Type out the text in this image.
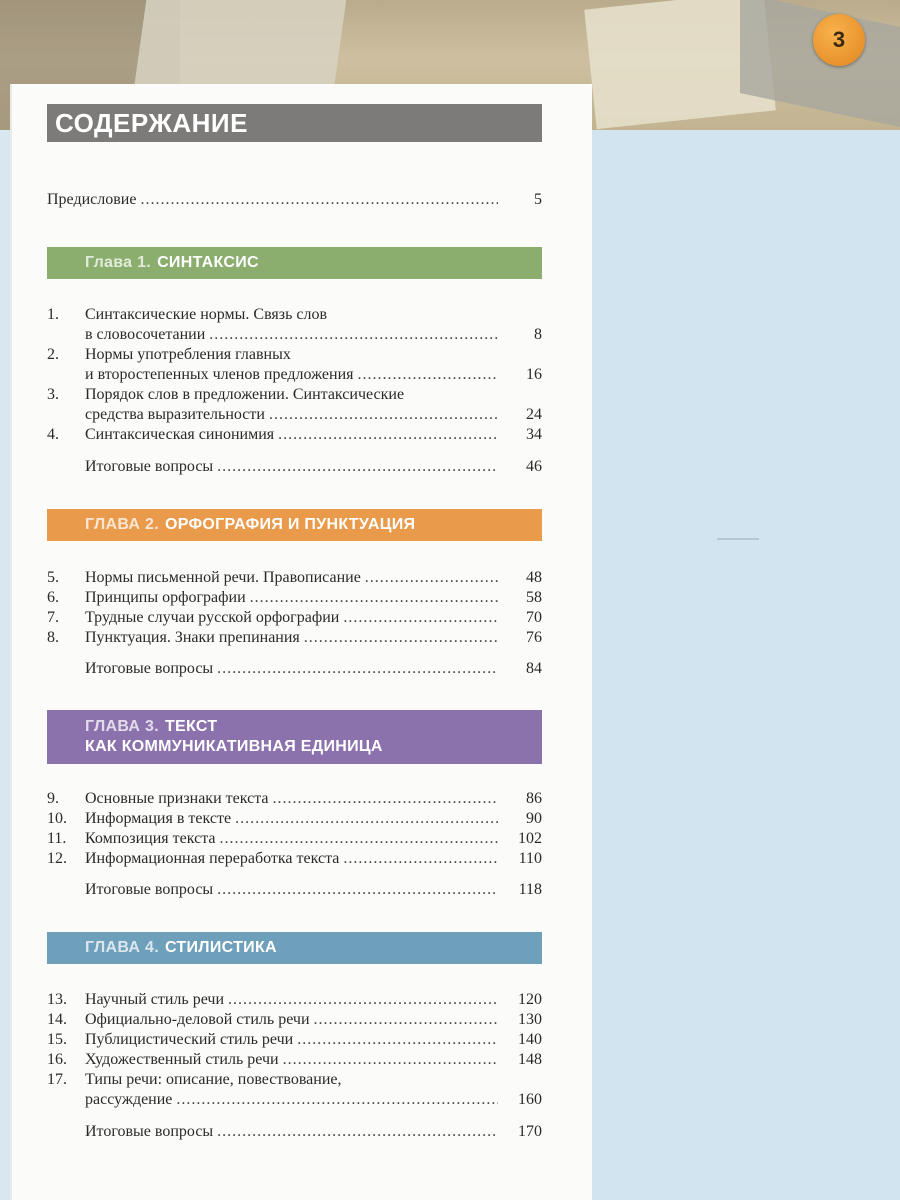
3
СОДЕРЖАНИЕ
Предисловие .....	5
Глава 1. СИНТАКСИС
1.	Синтаксические нормы. Связь слов
в словосочетании .....	8
2.	Нормы употребления главных
и второстепенных членов предложения .....	16
3.	Порядок слов в предложении. Синтаксические
средства выразительности .....	24
4.	Синтаксическая синонимия .....	34
Итоговые вопросы .....	46
ГЛАВА 2. ОРФОГРАФИЯ И ПУНКТУАЦИЯ
5.	Нормы письменной речи. Правописание .....	48
6.	Принципы орфографии .....	58
7.	Трудные случаи русской орфографии .....	70
8.	Пунктуация. Знаки препинания .....	76
Итоговые вопросы .....	84
ГЛАВА 3. ТЕКСТ
КАК КОММУНИКАТИВНАЯ ЕДИНИЦА
9.	Основные признаки текста .....	86
10.	Информация в тексте .....	90
11.	Композиция текста .....	102
12.	Информационная переработка текста .....	110
Итоговые вопросы .....	118
ГЛАВА 4. СТИЛИСТИКА
13.	Научный стиль речи .....	120
14.	Официально-деловой стиль речи .....	130
15.	Публицистический стиль речи .....	140
16.	Художественный стиль речи .....	148
17.	Типы речи: описание, повествование,
рассуждение .....	160
Итоговые вопросы .....	170
